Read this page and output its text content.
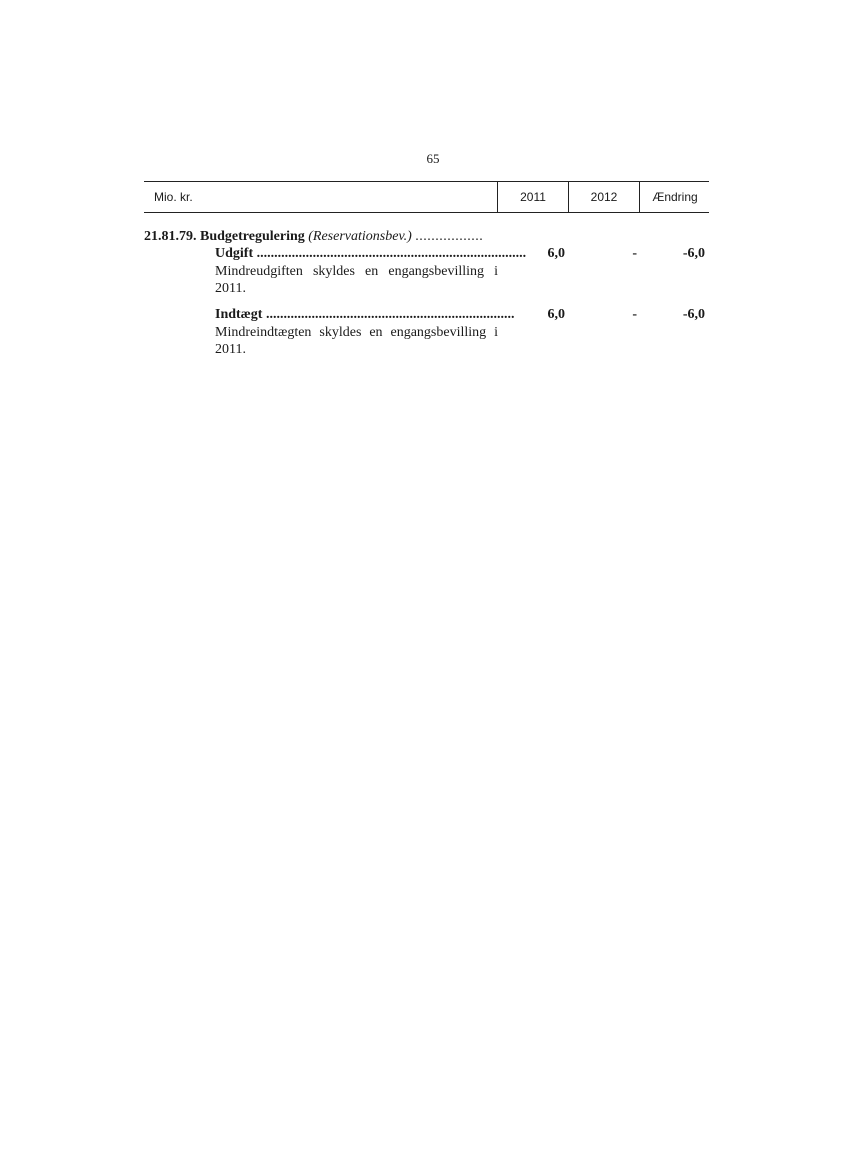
65
Mio. kr.	2011	2012	Ændring
21.81.79. Budgetregulering (Reservationsbev.) .................
Udgift .............................................................................	6,0	-	-6,0
Mindreudgiften skyldes en engangsbevilling i 2011.
Indtægt .......................................................................	6,0	-	-6,0
Mindreindtægten skyldes en engangsbevilling i 2011.
